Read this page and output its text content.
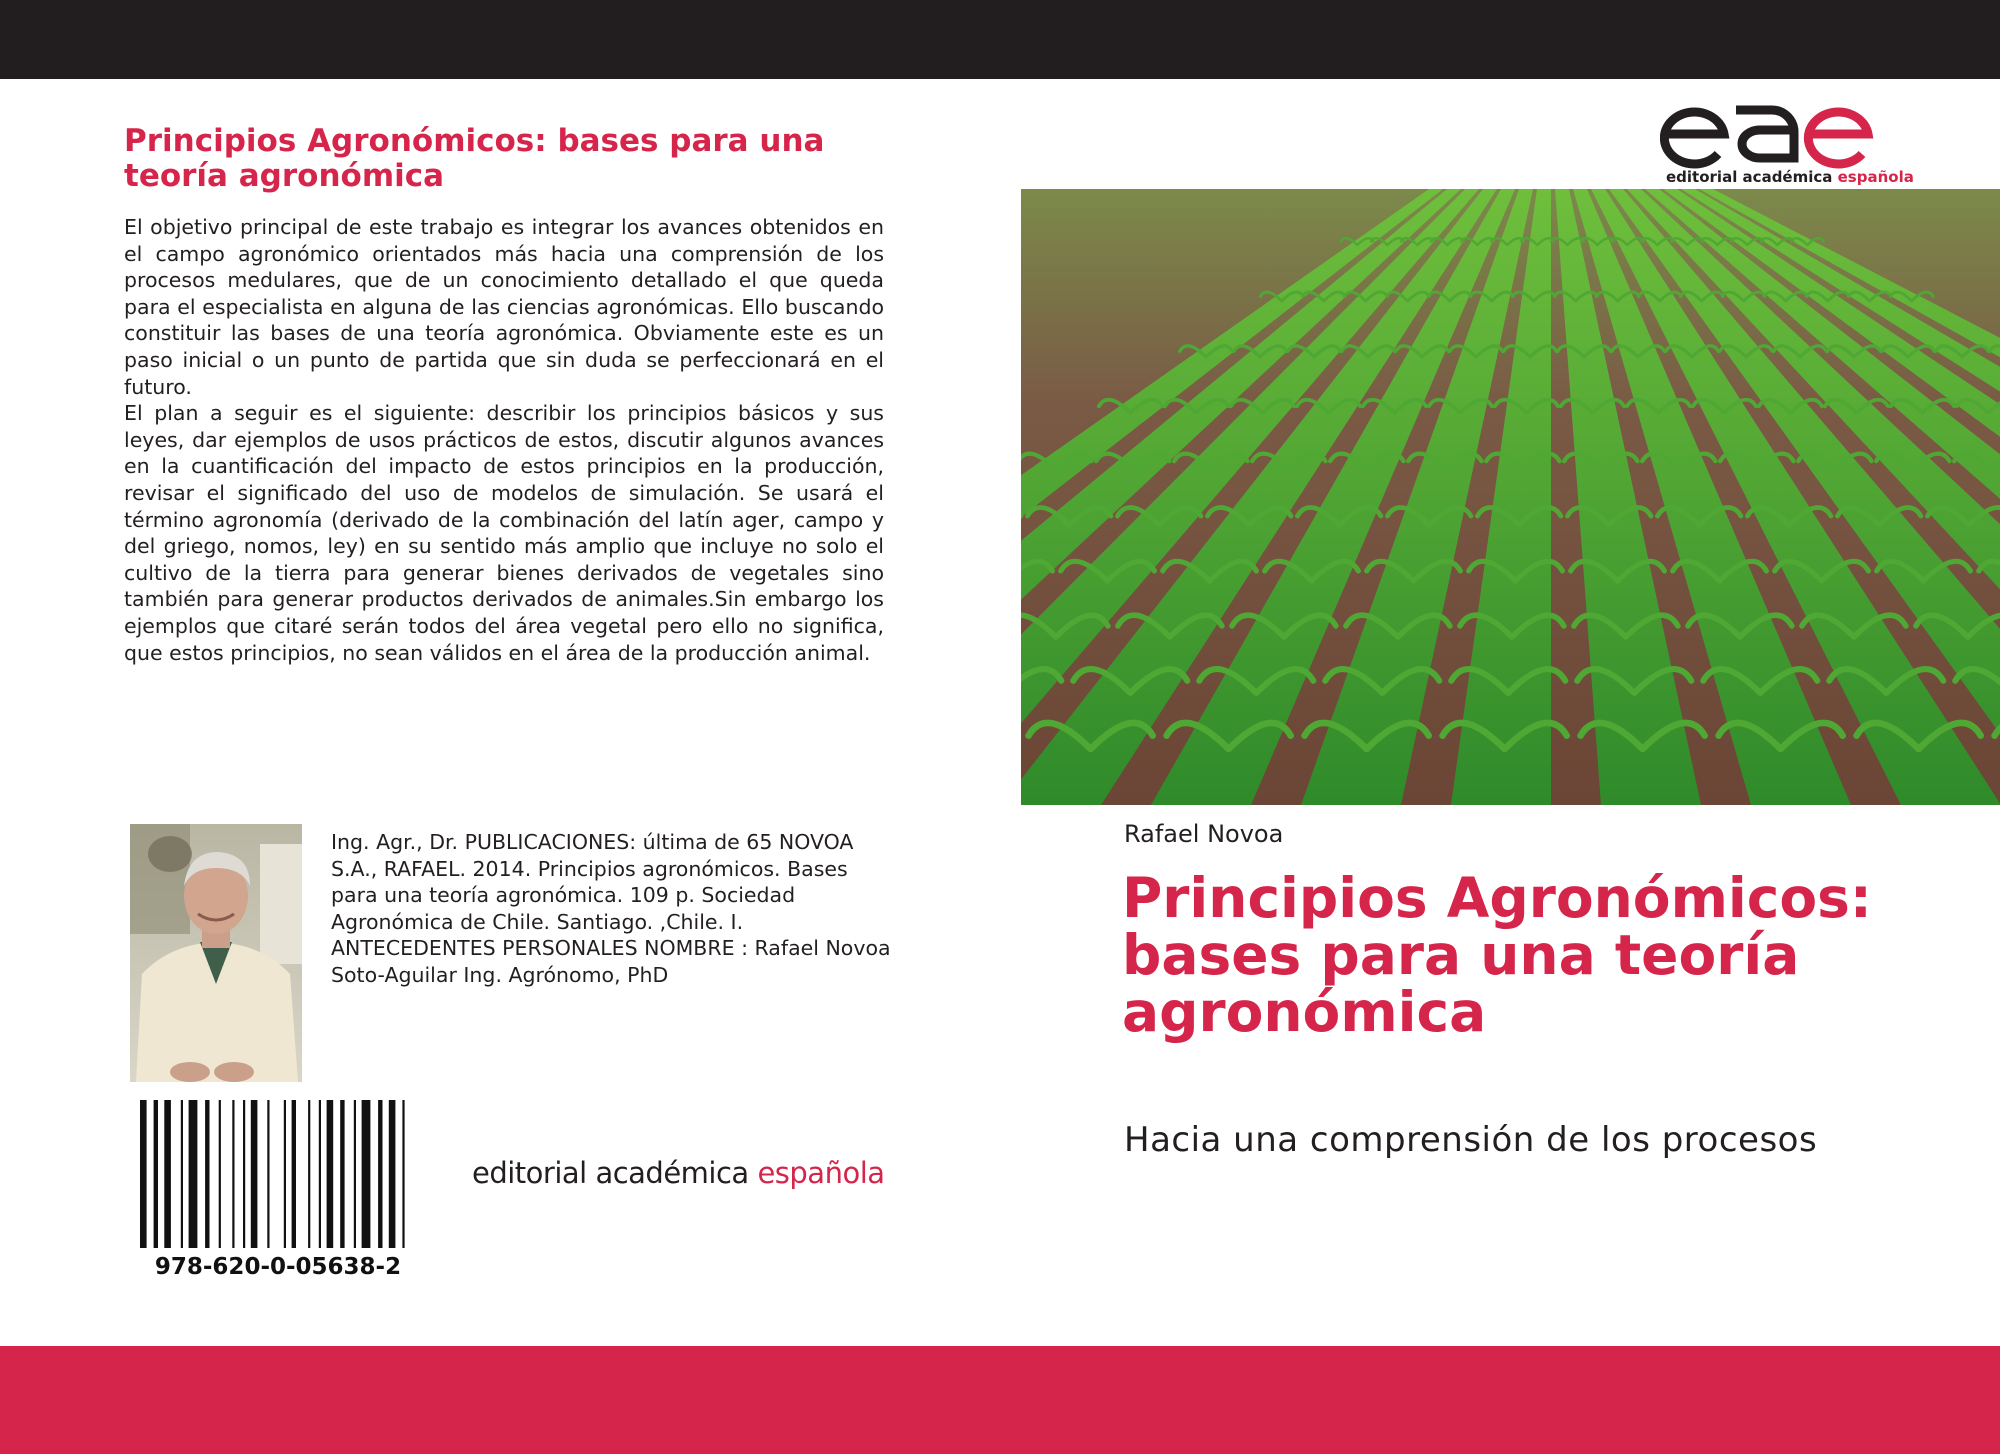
Principios Agronómicos: bases para una teoría agronómica

El objetivo principal de este trabajo es integrar los avances obtenidos en el campo agronómico orientados más hacia una comprensión de los procesos medulares, que de un conocimiento detallado el que queda para el especialista en alguna de las ciencias agronómicas. Ello buscando constituir las bases de una teoría agronómica. Obviamente este es un paso inicial o un punto de partida que sin duda se perfeccionará en el futuro.

El plan a seguir es el siguiente: describir los principios básicos y sus leyes, dar ejemplos de usos prácticos de estos, discutir algunos avances en la cuantificación del impacto de estos principios en la producción, revisar el significado del uso de modelos de simulación. Se usará el término agronomía (derivado de la combinación del latín ager, campo y del griego, nomos, ley) en su sentido más amplio que incluye no solo el cultivo de la tierra para generar bienes derivados de vegetales sino también para generar productos derivados de animales.Sin embargo los ejemplos que citaré serán todos del área vegetal pero ello no significa, que estos principios, no sean válidos en el área de la producción animal.

Ing. Agr., Dr. PUBLICACIONES: última de 65 NOVOA S.A., RAFAEL. 2014. Principios agronómicos. Bases para una teoría agronómica. 109 p. Sociedad Agronómica de Chile. Santiago. ,Chile. I. ANTECEDENTES PERSONALES NOMBRE : Rafael Novoa Soto-Aguilar Ing. Agrónomo, PhD

978-620-0-05638-2
editorial académica española
editorial académica española
Rafael Novoa
Principios Agronómicos: bases para una teoría agronómica
Hacia una comprensión de los procesos
